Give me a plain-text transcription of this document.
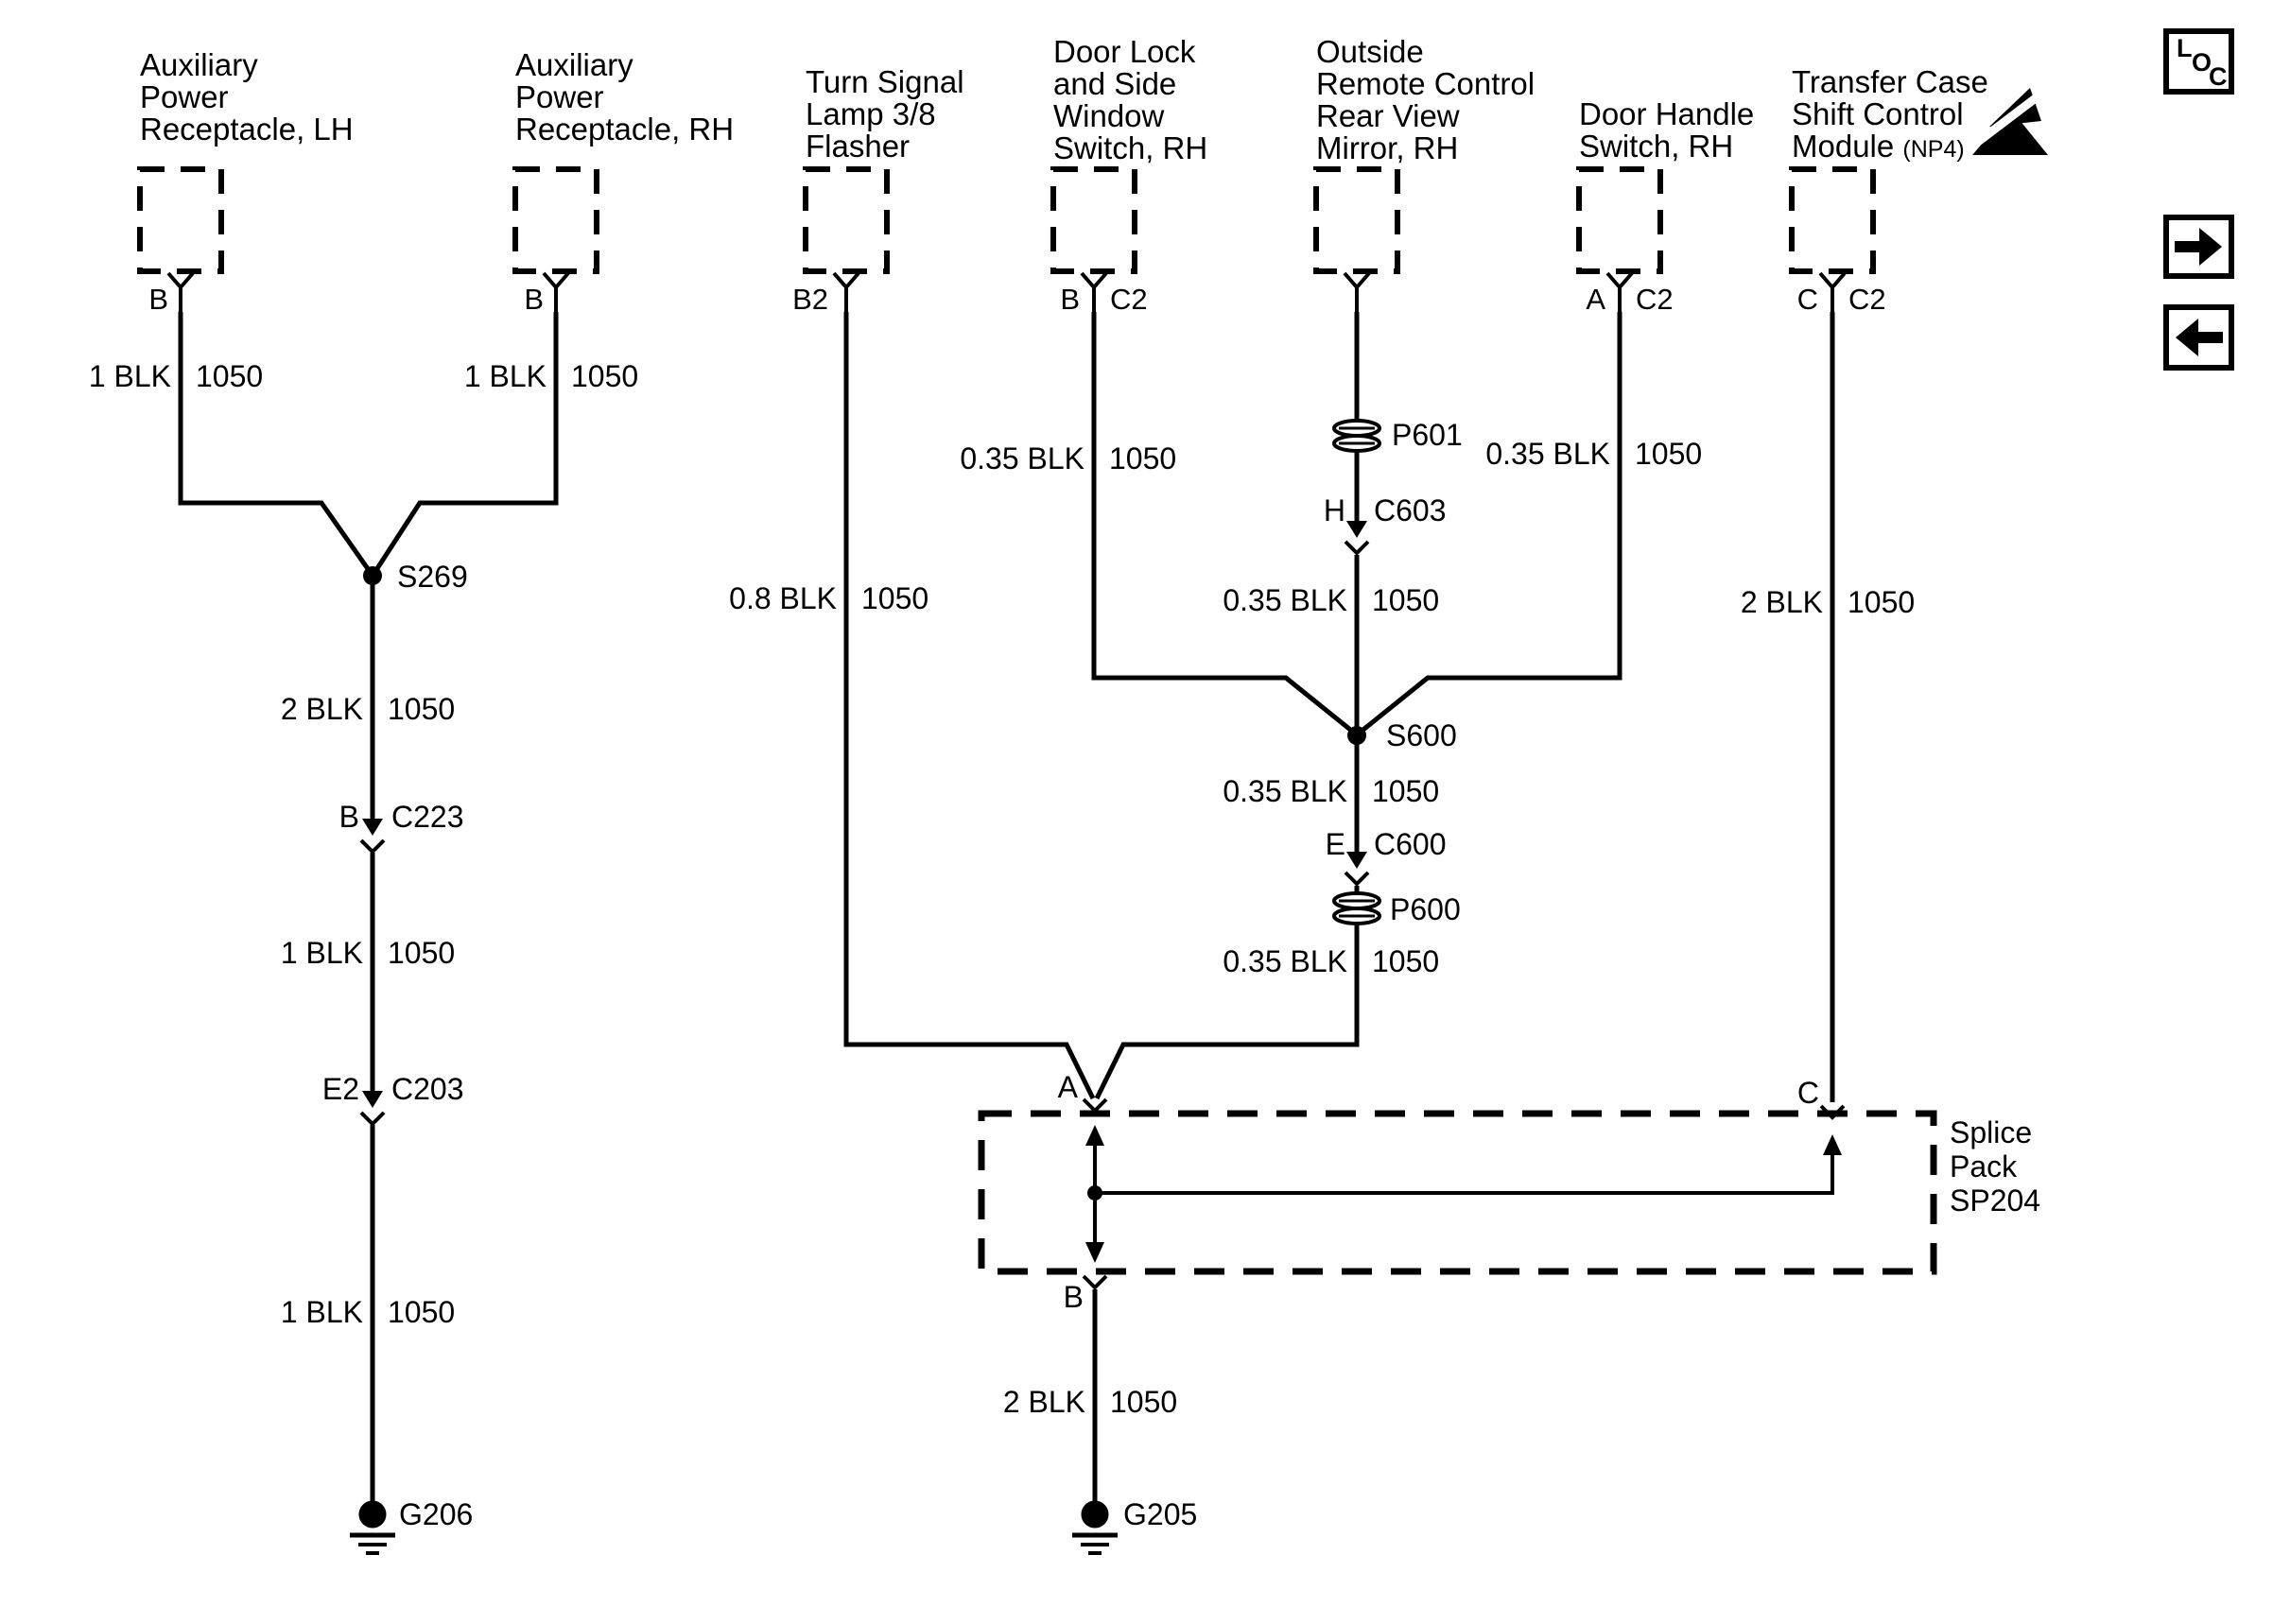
Auxiliary
Power
Receptacle, LH
Auxiliary
Power
Receptacle, RH
Turn Signal
Lamp 3/8
Flasher
Door Lock
and Side
Window
Switch, RH
Outside
Remote Control
Rear View
Mirror, RH
Door Handle
Switch, RH
Transfer Case
Shift Control
Module (NP4)
B	B	B2	B C2	A C2	C C2
1 BLK 1050	1 BLK 1050
2 BLK 1050
1 BLK 1050
1 BLK 1050
0.8 BLK 1050
0.35 BLK 1050
0.35 BLK 1050
0.35 BLK 1050
2 BLK 1050
0.35 BLK 1050
0.35 BLK 1050
2 BLK 1050
B C223
E2 C203
H C603
E C600
S269
S600
P601
P600
G206	G205
A	C
B
Splice
Pack
SP204
L O
C
